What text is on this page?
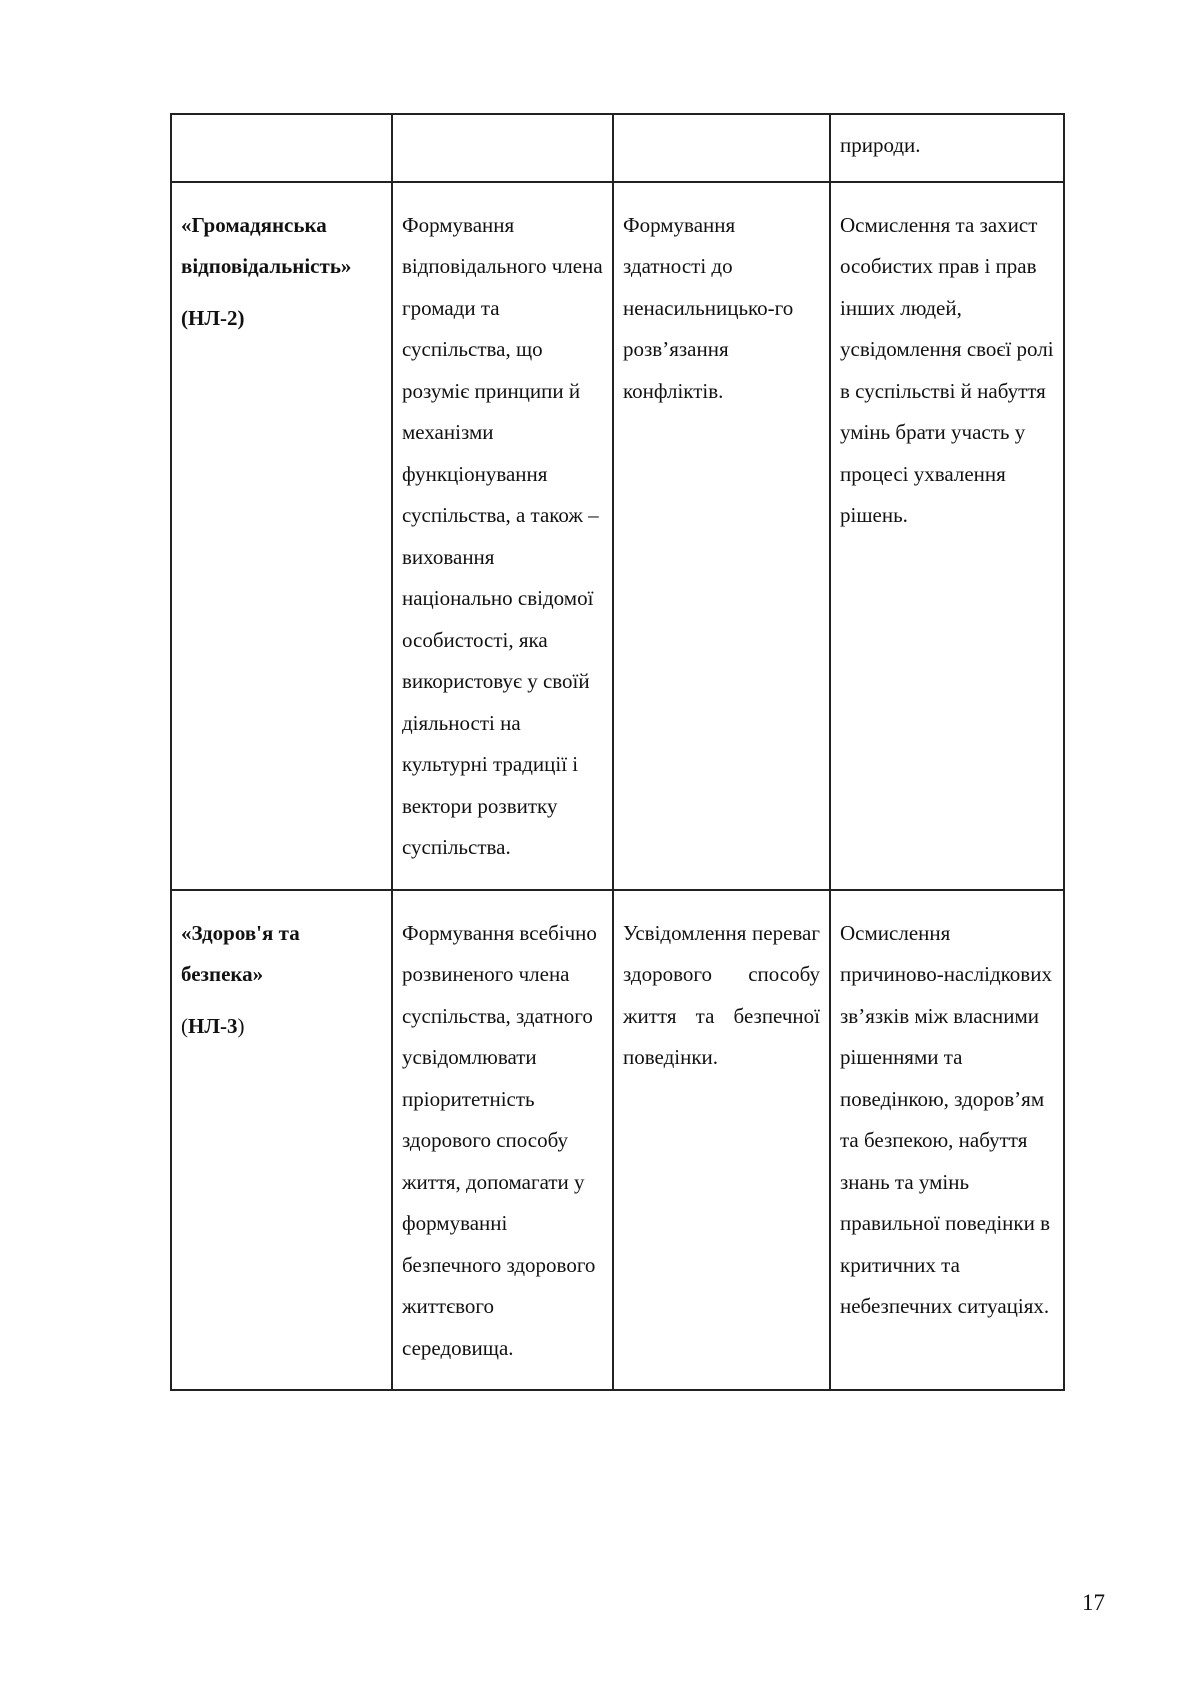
			природи.

«Громадянська відповідальність»
(НЛ-2)	Формування відповідального члена громади та суспільства, що розуміє принципи й механізми функціонування суспільства, а також – виховання національно свідомої особистості, яка використовує у своїй діяльності на культурні традиції і вектори розвитку суспільства.	Формування здатності до ненасильницько-го розв’язання конфліктів.	Осмислення та захист особистих прав і прав інших людей, усвідомлення своєї ролі в суспільстві й набуття умінь брати участь у процесі ухвалення рішень.

«Здоров'я та безпека»
(НЛ-3)	Формування всебічно розвиненого члена суспільства, здатного усвідомлювати пріоритетність здорового способу життя, допомагати у формуванні безпечного здорового життєвого середовища.	Усвідомлення переваг здорового способу життя та безпечної поведінки.	Осмислення причиново-наслідкових зв’язків між власними рішеннями та поведінкою, здоров’ям та безпекою, набуття знань та умінь правильної поведінки в критичних та небезпечних ситуаціях.
17
